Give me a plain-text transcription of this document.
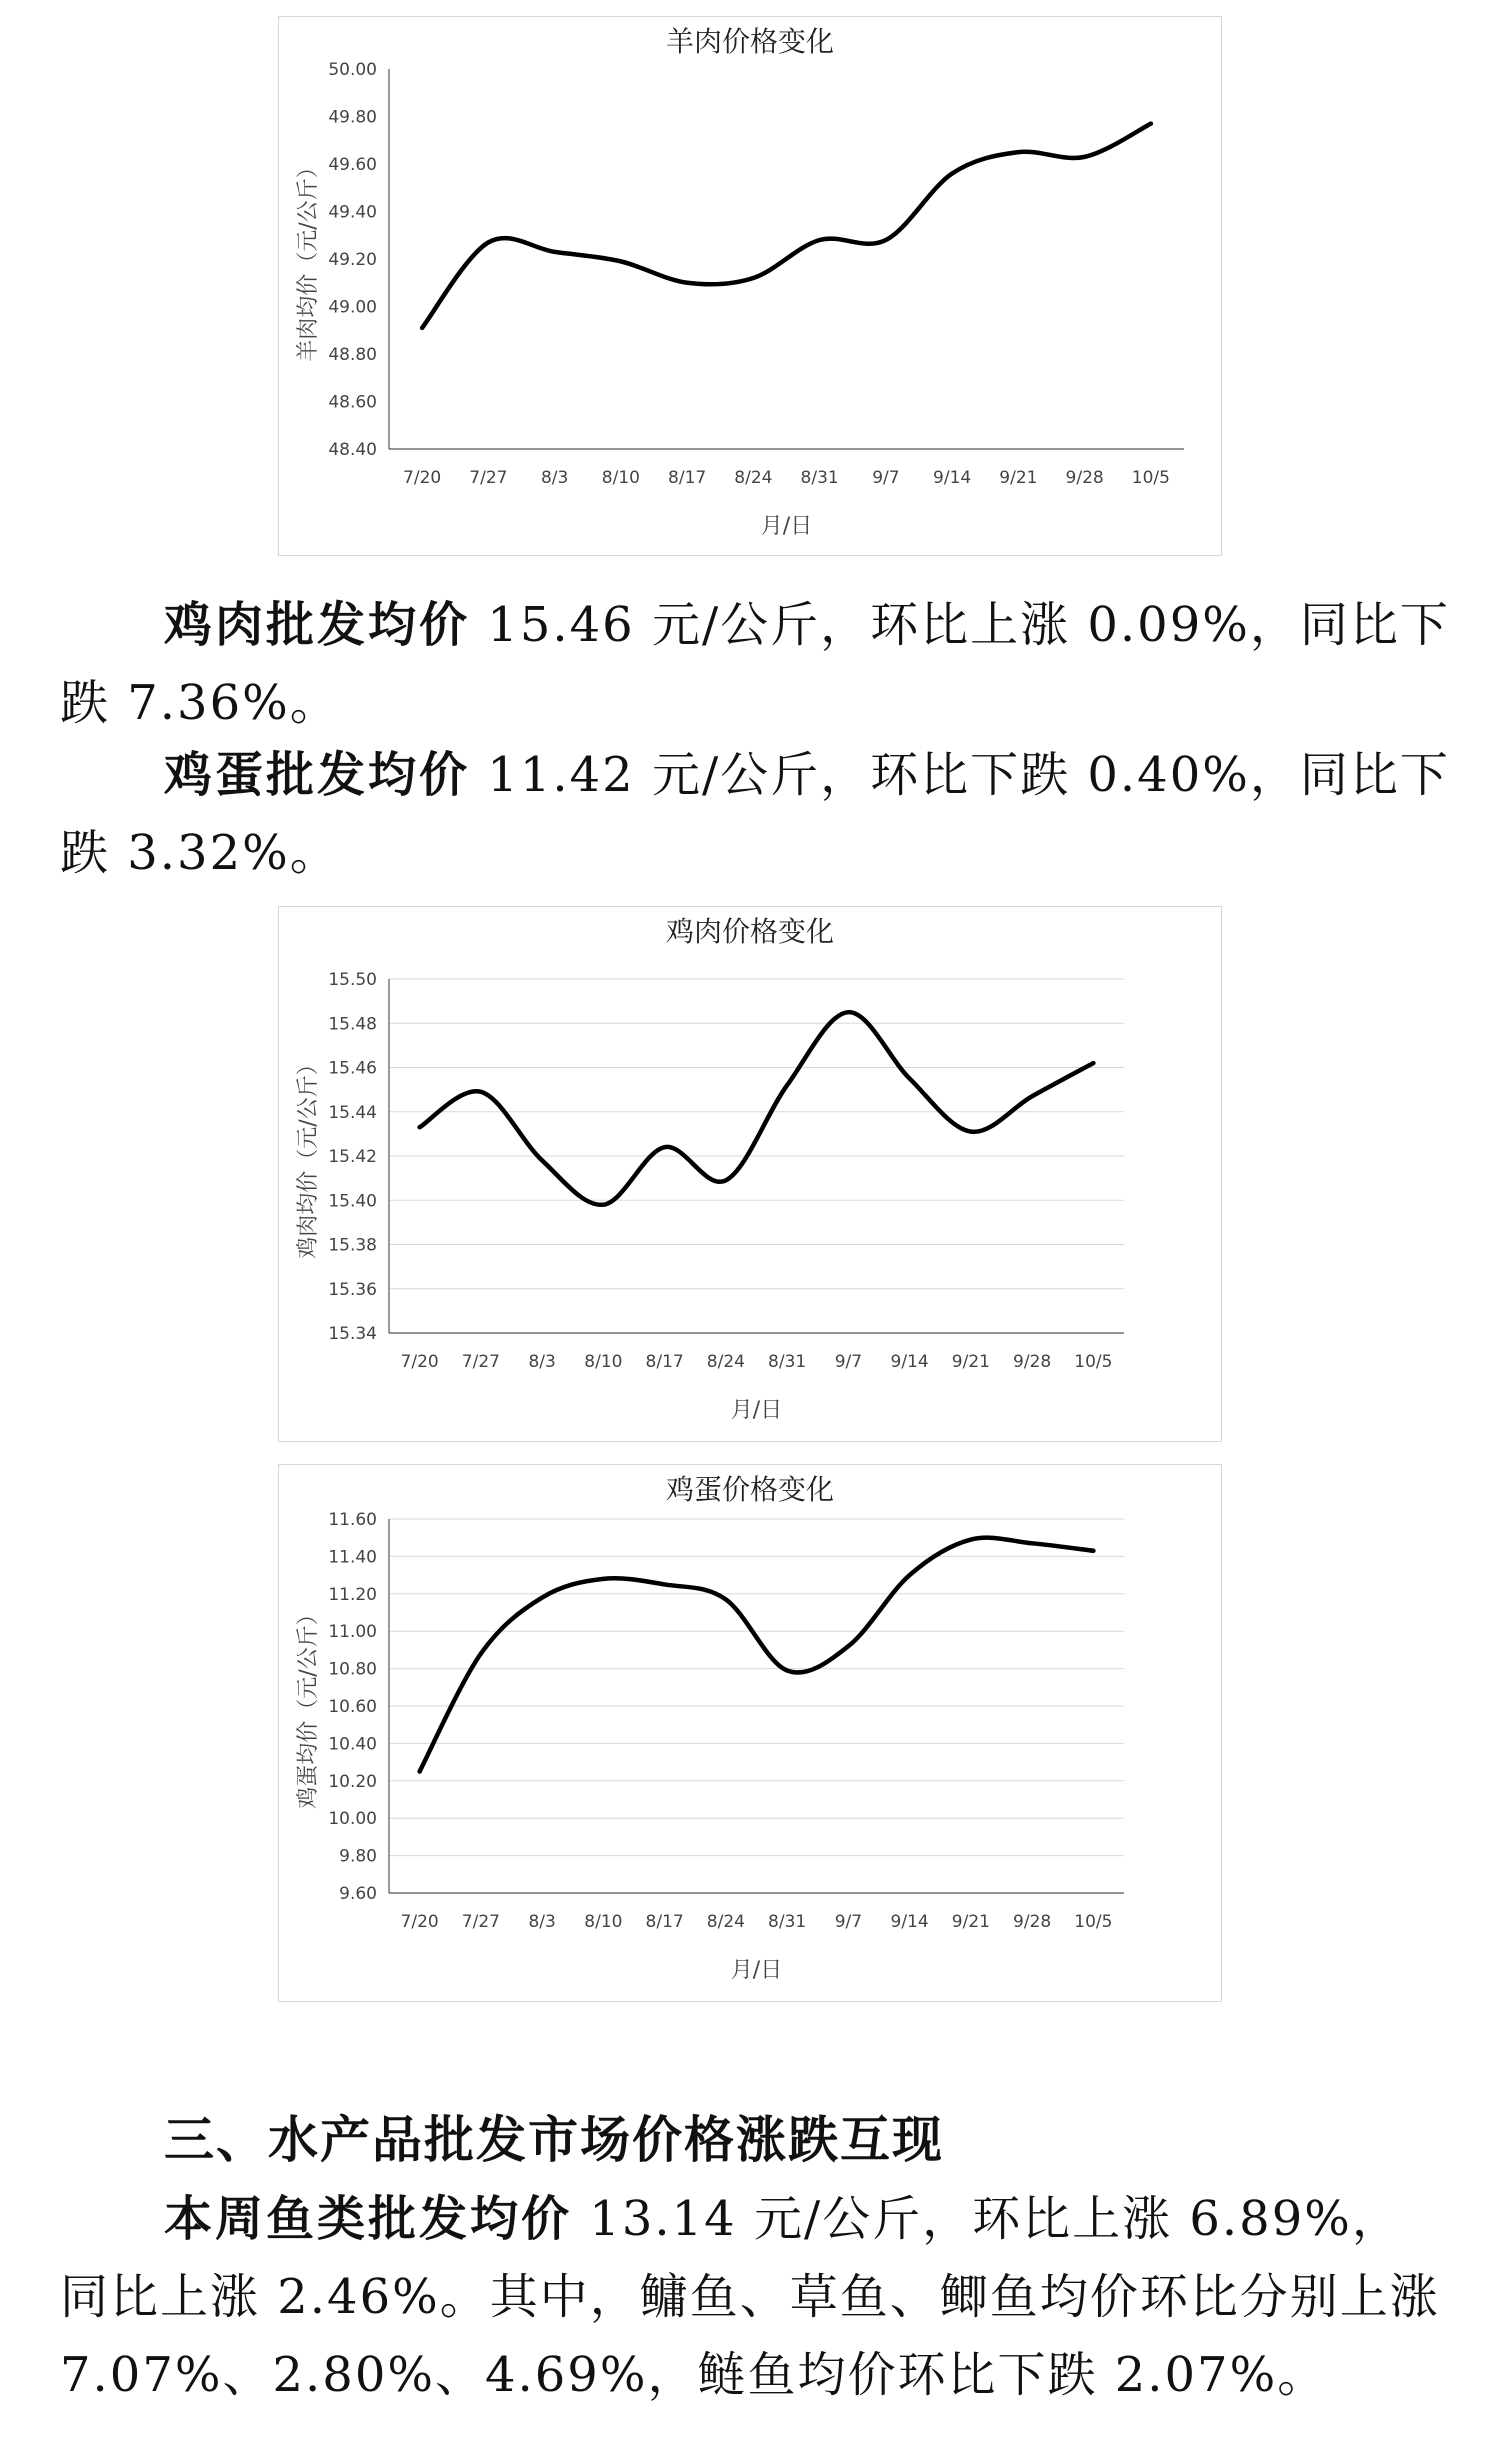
羊肉价格变化
48.40
48.60
48.80
49.00
49.20
49.40
49.60
49.80
50.00
7/20 7/27 8/3 8/10 8/17 8/24 8/31 9/7 9/14 9/21 9/28 10/5
月/日
羊肉均价（元/公斤）

鸡肉批发均价 15.46 元/公斤，环比上涨 0.09%，同比下跌 7.36%。

鸡蛋批发均价 11.42 元/公斤，环比下跌 0.40%，同比下跌 3.32%。

鸡肉价格变化
15.34
15.36
15.38
15.40
15.42
15.44
15.46
15.48
15.50
7/20 7/27 8/3 8/10 8/17 8/24 8/31 9/7 9/14 9/21 9/28 10/5
月/日
鸡肉均价（元/公斤）
鸡蛋价格变化
9.60
9.80
10.00
10.20
10.40
10.60
10.80
11.00
11.20
11.40
11.60
7/20 7/27 8/3 8/10 8/17 8/24 8/31 9/7 9/14 9/21 9/28 10/5
月/日
鸡蛋均价（元/公斤）
三、水产品批发市场价格涨跌互现

本周鱼类批发均价 13.14 元/公斤，环比上涨 6.89%，同比上涨 2.46%。其中，鳙鱼、草鱼、鲫鱼均价环比分别上涨 7.07%、2.80%、4.69%，鲢鱼均价环比下跌 2.07%。
